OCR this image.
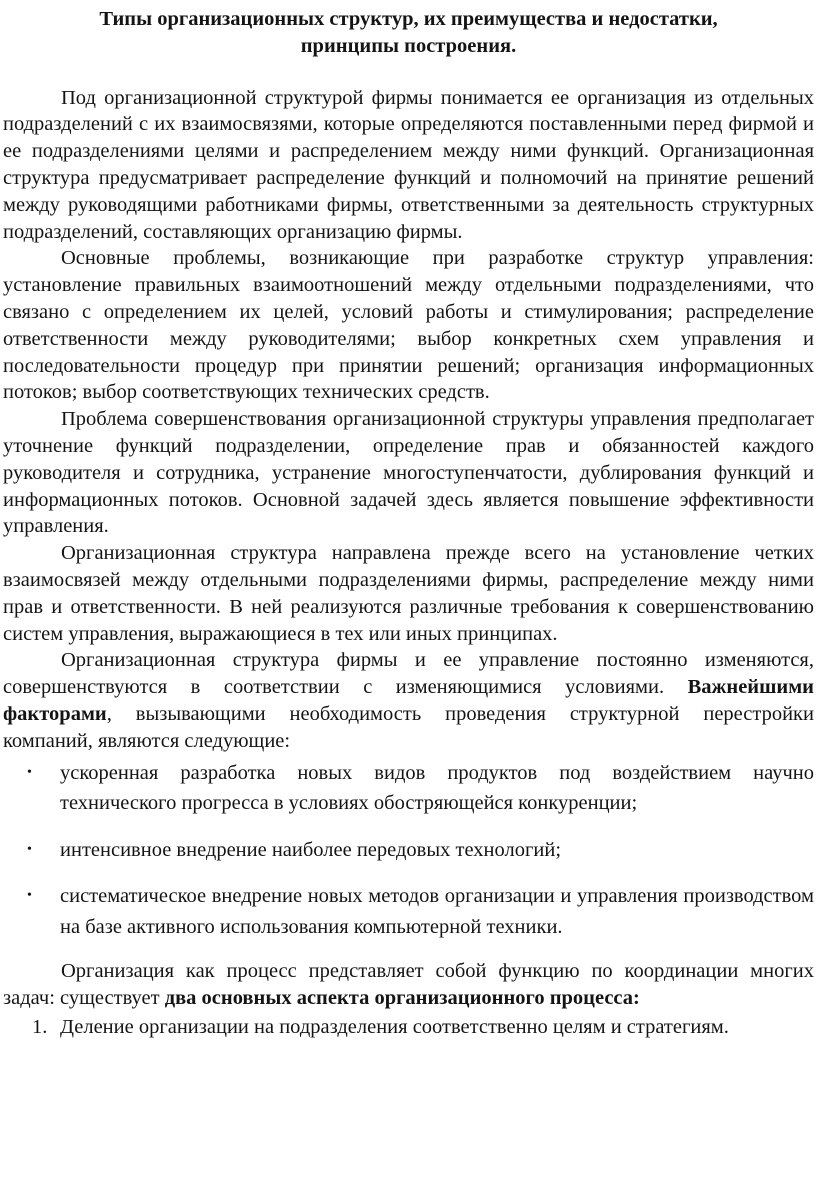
Типы организационных структур, их преимущества и недостатки,
принципы построения.

Под организационной структурой фирмы понимается ее организация из отдельных подразделений с их взаимосвязями, которые определяются поставленными перед фирмой и ее подразделениями целями и распределением между ними функций. Организационная структура предусматривает распределение функций и полномочий на принятие решений между руководящими работниками фирмы, ответственными за деятельность структурных подразделений, составляющих организацию фирмы.

Основные проблемы, возникающие при разработке структур управления: установление правильных взаимоотношений между отдельными подразделениями, что связано с определением их целей, условий работы и стимулирования; распределение ответственности между руководителями; выбор конкретных схем управления и последовательности процедур при принятии решений; организация информационных потоков; выбор соответствующих технических средств.

Проблема совершенствования организационной структуры управления предполагает уточнение функций подразделении, определение прав и обязанностей каждого руководителя и сотрудника, устранение многоступенчатости, дублирования функций и информационных потоков. Основной задачей здесь является повышение эффективности управления.

Организационная структура направлена прежде всего на установление четких взаимосвязей между отдельными подразделениями фирмы, распределение между ними прав и ответственности. В ней реализуются различные требования к совершенствованию систем управления, выражающиеся в тех или иных принципах.

Организационная структура фирмы и ее управление постоянно изменяются, совершенствуются в соответствии с изменяющимися условиями. Важнейшими факторами, вызывающими необходимость проведения структурной перестройки компаний, являются следующие:

• ускоренная разработка новых видов продуктов под воздействием научно технического прогресса в условиях обостряющейся конкуренции;
• интенсивное внедрение наиболее передовых технологий;
• систематическое внедрение новых методов организации и управления производством на базе активного использования компьютерной техники.

Организация как процесс представляет собой функцию по координации многих задач: существует два основных аспекта организационного процесса:

1. Деление организации на подразделения соответственно целям и стратегиям.
